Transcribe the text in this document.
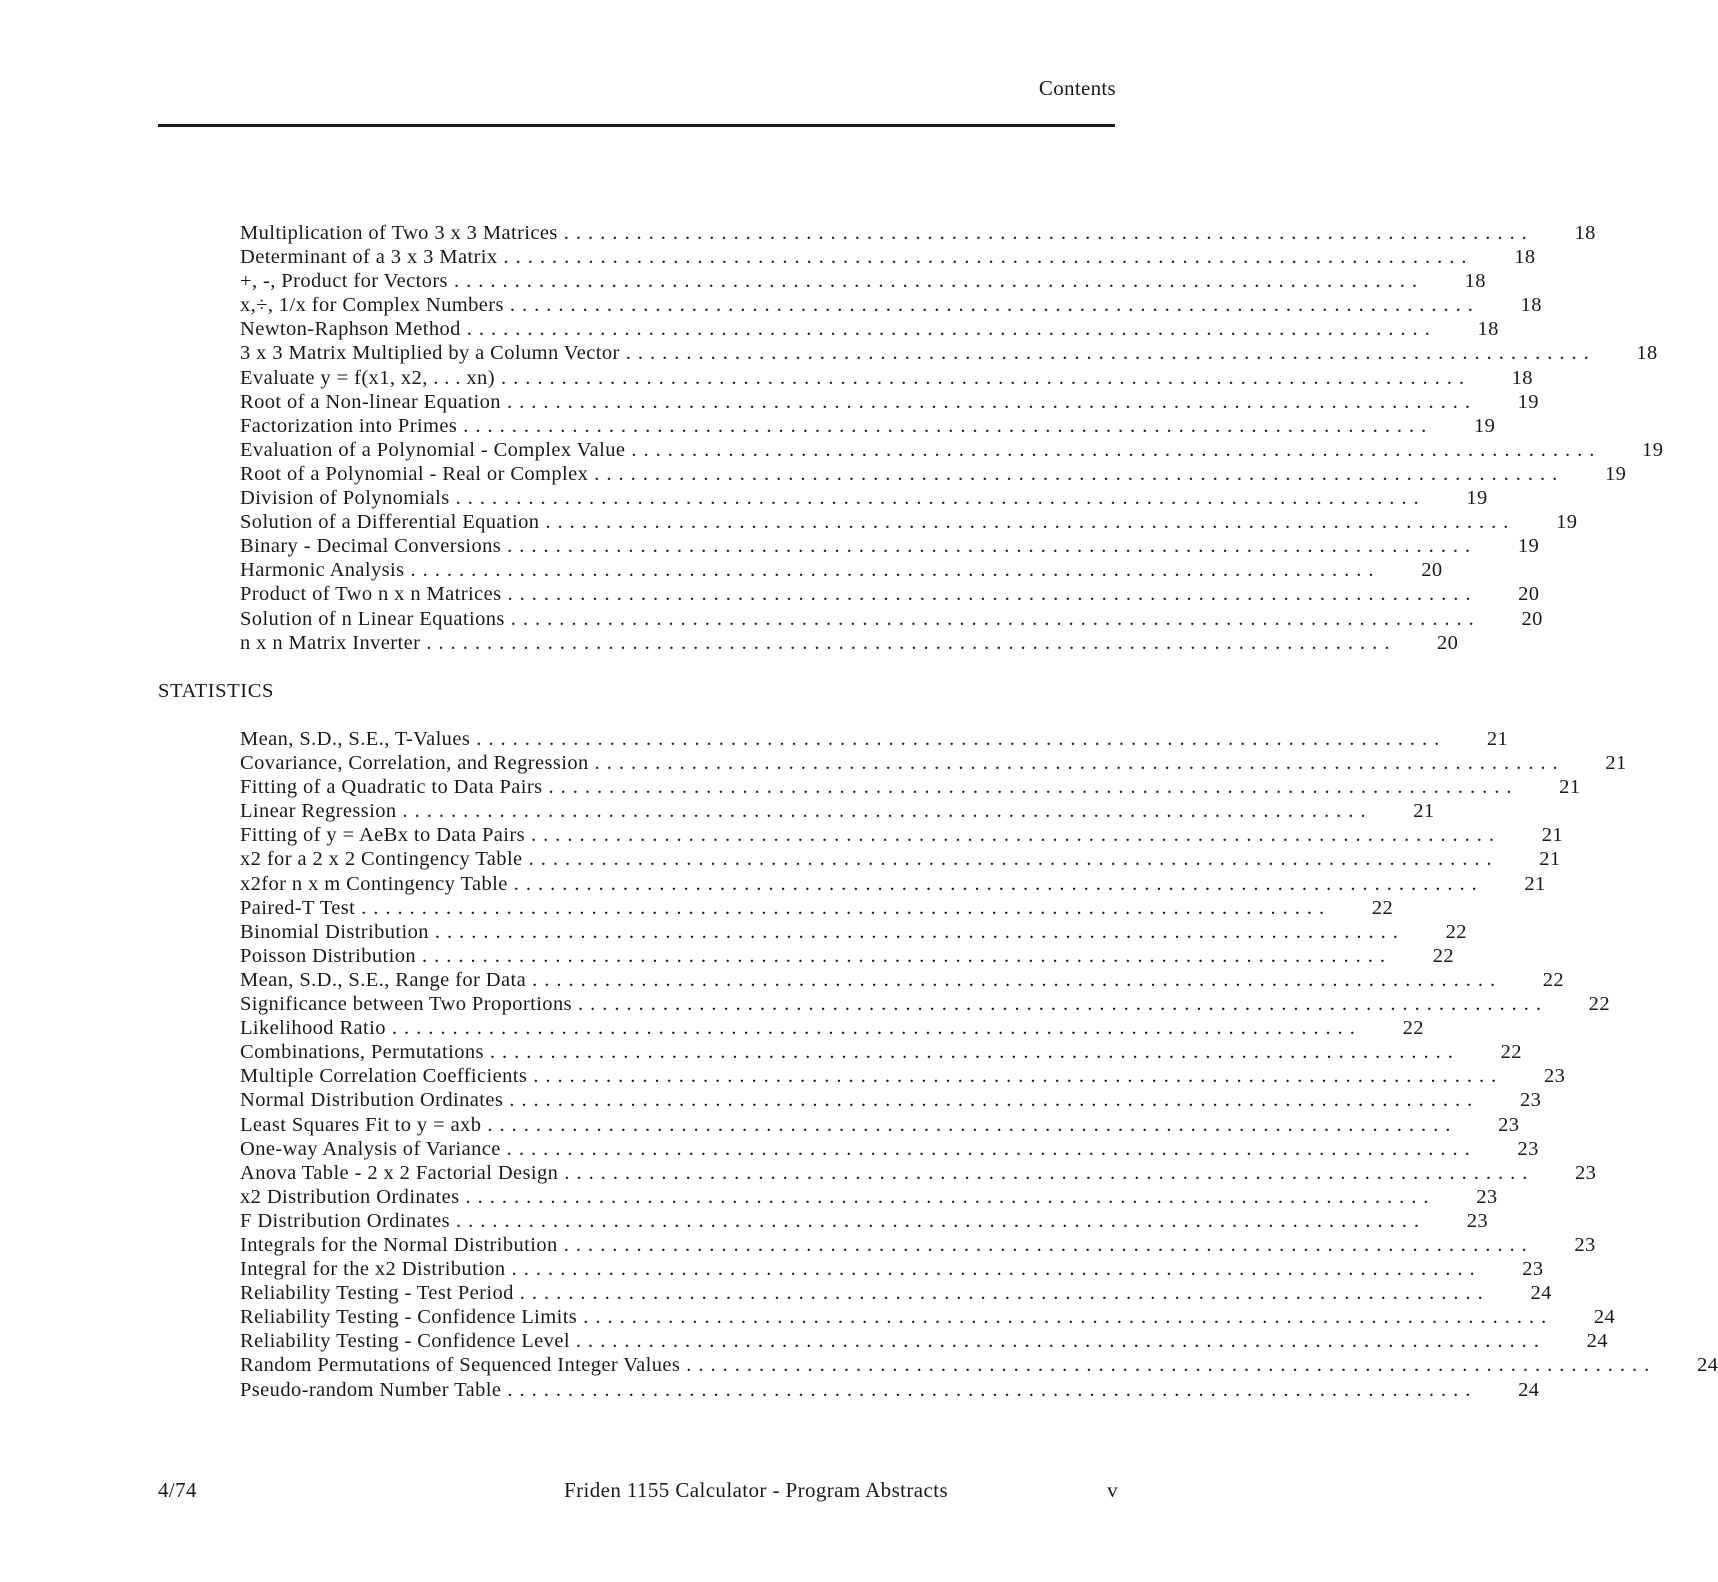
Contents
Multiplication of Two 3 x 3 Matrices ................................................................................	18
Determinant of a 3 x 3 Matrix ................................................................................	18
+, -, Product for Vectors ................................................................................	18
x,÷, 1/x for Complex Numbers ................................................................................	18
Newton-Raphson Method ................................................................................	18
3 x 3 Matrix Multiplied by a Column Vector ................................................................................	18
Evaluate y = f(x1, x2, . . . xn) ................................................................................	18
Root of a Non-linear Equation ................................................................................	19
Factorization into Primes ................................................................................	19
Evaluation of a Polynomial - Complex Value ................................................................................	19
Root of a Polynomial - Real or Complex ................................................................................	19
Division of Polynomials ................................................................................	19
Solution of a Differential Equation ................................................................................	19
Binary - Decimal Conversions ................................................................................	19
Harmonic Analysis ................................................................................	20
Product of Two n x n Matrices ................................................................................	20
Solution of n Linear Equations ................................................................................	20
n x n Matrix Inverter ................................................................................	20
STATISTICS
Mean, S.D., S.E., T-Values ................................................................................	21
Covariance, Correlation, and Regression ................................................................................	21
Fitting of a Quadratic to Data Pairs ................................................................................	21
Linear Regression ................................................................................	21
Fitting of y = AeBx to Data Pairs ................................................................................	21
x2 for a 2 x 2 Contingency Table ................................................................................	21
x2for n x m Contingency Table ................................................................................	21
Paired-T Test ................................................................................	22
Binomial Distribution ................................................................................	22
Poisson Distribution ................................................................................	22
Mean, S.D., S.E., Range for Data ................................................................................	22
Significance between Two Proportions ................................................................................	22
Likelihood Ratio ................................................................................	22
Combinations, Permutations ................................................................................	22
Multiple Correlation Coefficients ................................................................................	23
Normal Distribution Ordinates ................................................................................	23
Least Squares Fit to y = axb ................................................................................	23
One-way Analysis of Variance ................................................................................	23
Anova Table - 2 x 2 Factorial Design ................................................................................	23
x2 Distribution Ordinates ................................................................................	23
F Distribution Ordinates ................................................................................	23
Integrals for the Normal Distribution ................................................................................	23
Integral for the x2 Distribution ................................................................................	23
Reliability Testing - Test Period ................................................................................	24
Reliability Testing - Confidence Limits ................................................................................	24
Reliability Testing - Confidence Level ................................................................................	24
Random Permutations of Sequenced Integer Values ................................................................................	24
Pseudo-random Number Table ................................................................................	24
4/74	Friden 1155 Calculator - Program Abstracts	v
